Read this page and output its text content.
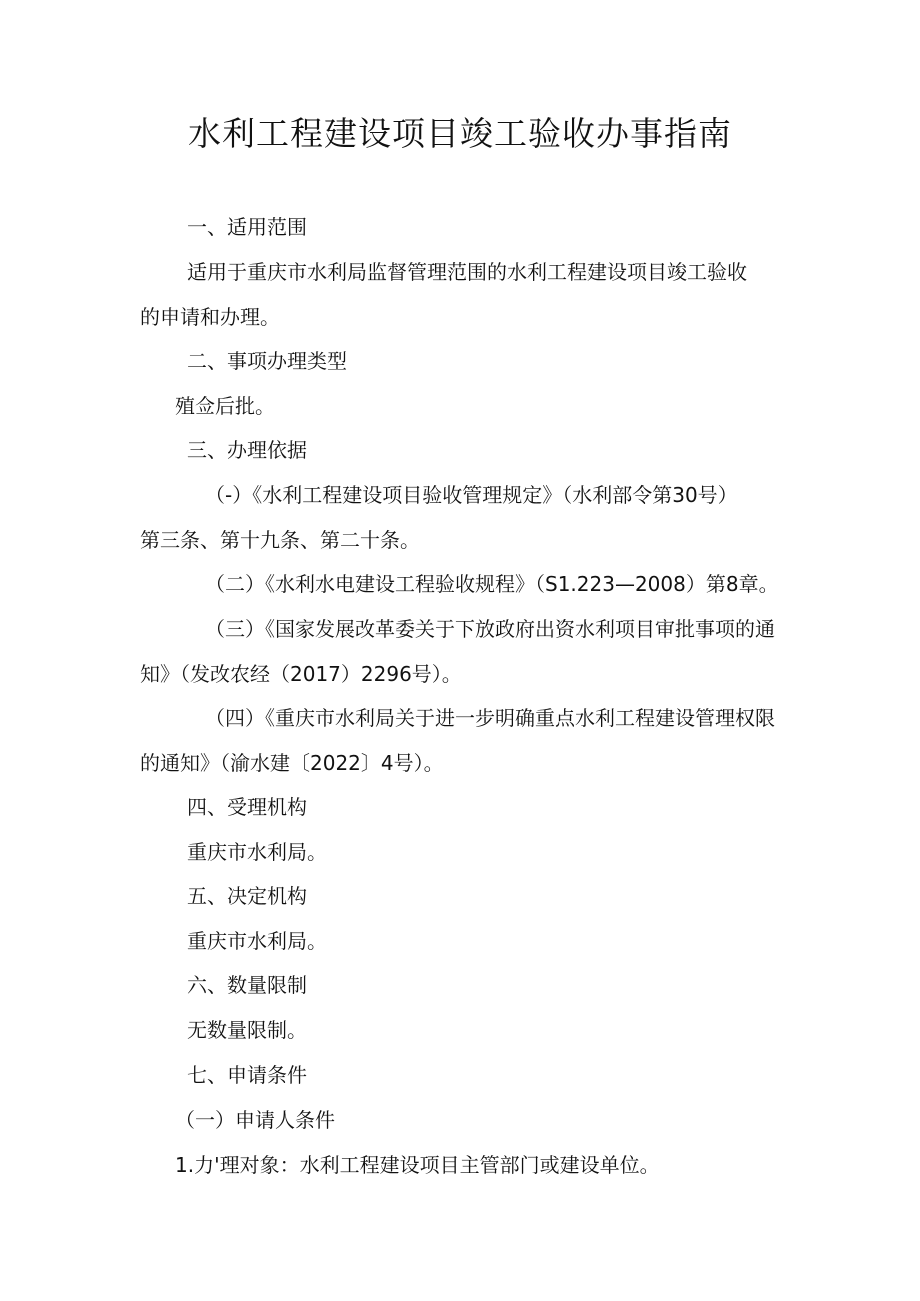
水利工程建设项目竣工验收办事指南

一、适用范围

适用于重庆市水利局监督管理范围的水利工程建设项目竣工验收

的申请和办理。

二、事项办理类型

殖佥后批。

三、办理依据

（-）《水利工程建设项目验收管理规定》（水利部令第30号）

第三条、第十九条、第二十条。

（二）《水利水电建设工程验收规程》（S1.223—2008）第8章。

（三）《国家发展改革委关于下放政府出资水利项目审批事项的通

知》（发改农经（2017）2296号）。

（四）《重庆市水利局关于进一步明确重点水利工程建设管理权限

的通知》（渝水建〔2022〕4号）。

四、受理机构

重庆市水利局。

五、决定机构

重庆市水利局。

六、数量限制

无数量限制。

七、申请条件

（一）申请人条件

1.力'理对象：水利工程建设项目主管部门或建设单位。
